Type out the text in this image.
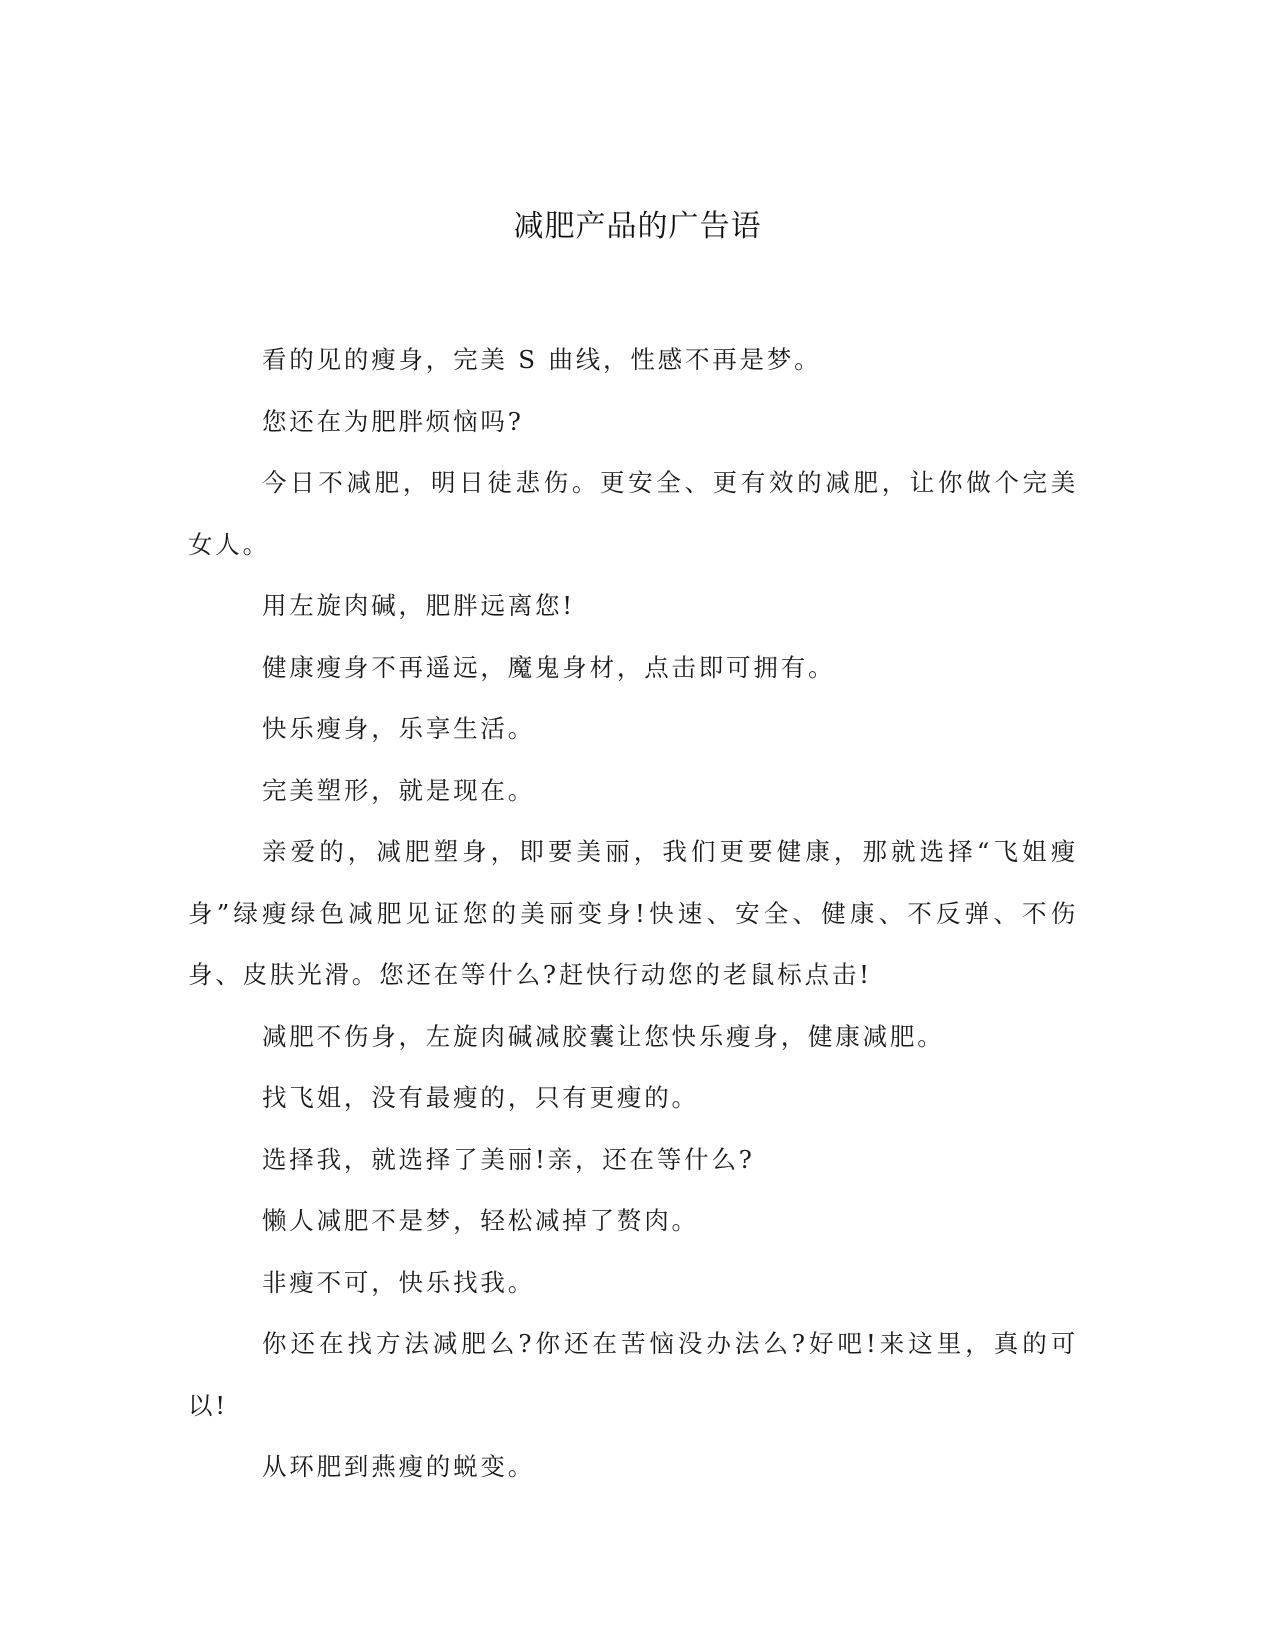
减肥产品的广告语

看的见的瘦身，完美 S 曲线，性感不再是梦。

您还在为肥胖烦恼吗?

今日不减肥，明日徒悲伤。更安全、更有效的减肥，让你做个完美女人。

用左旋肉碱，肥胖远离您!

健康瘦身不再遥远，魔鬼身材，点击即可拥有。

快乐瘦身，乐享生活。

完美塑形，就是现在。

亲爱的，减肥塑身，即要美丽，我们更要健康，那就选择“飞姐瘦身”绿瘦绿色减肥见证您的美丽变身!快速、安全、健康、不反弹、不伤身、皮肤光滑。您还在等什么?赶快行动您的老鼠标点击!

减肥不伤身，左旋肉碱减胶囊让您快乐瘦身，健康减肥。

找飞姐，没有最瘦的，只有更瘦的。

选择我，就选择了美丽!亲，还在等什么?

懒人减肥不是梦，轻松减掉了赘肉。

非瘦不可，快乐找我。

你还在找方法减肥么?你还在苦恼没办法么?好吧!来这里，真的可以!

从环肥到燕瘦的蜕变。
